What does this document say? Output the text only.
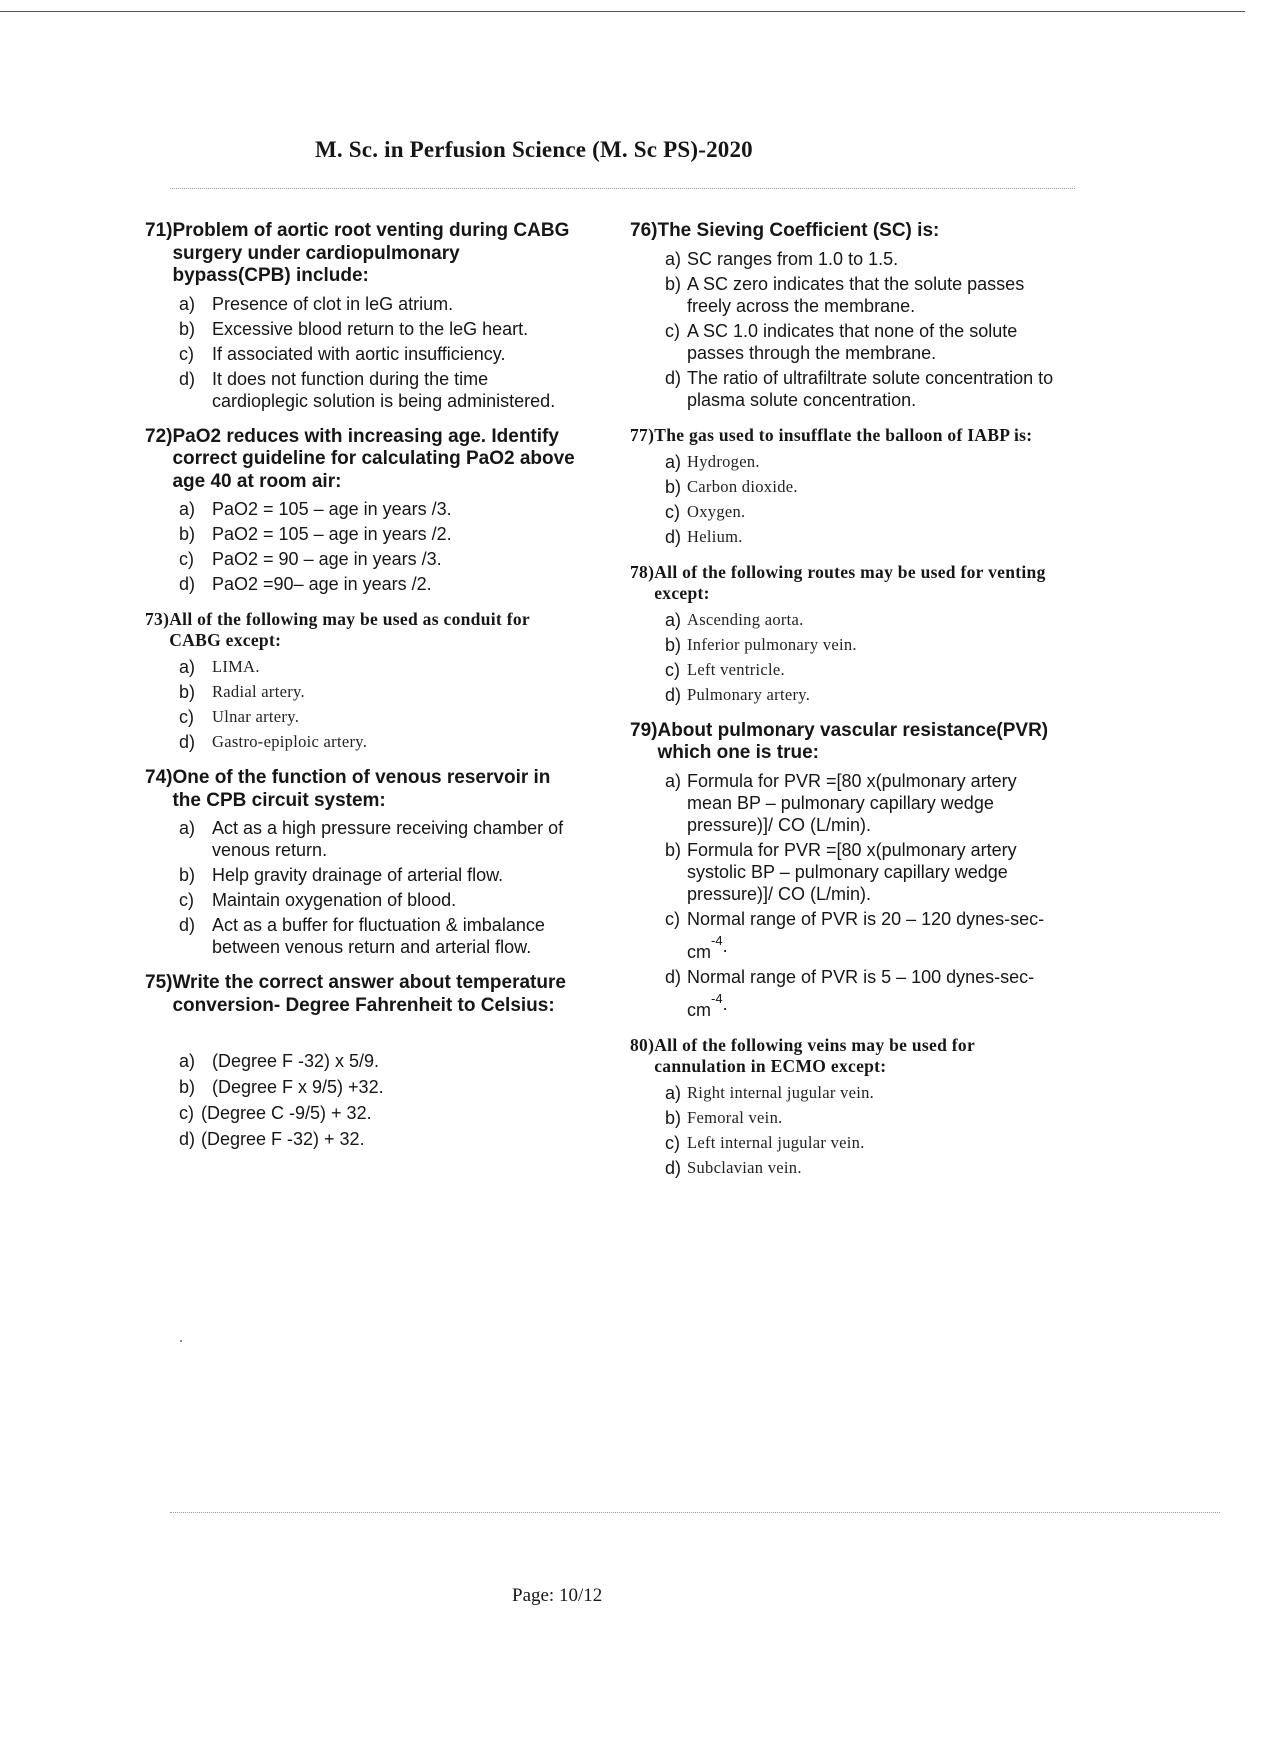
M. Sc. in Perfusion Science (M. Sc PS)-2020
71) Problem of aortic root venting during CABG surgery under cardiopulmonary bypass(CPB) include:
a) Presence of clot in leG atrium.
b) Excessive blood return to the leG heart.
c)	If associated with aortic insufficiency.
d) It does not function during the time cardioplegic solution is being administered.
72) PaO2 reduces with increasing age. Identify correct guideline for calculating PaO2 above age 40 at room air:
a) PaO2 = 105 – age in years /3.
b) PaO2 = 105 – age in years /2.
c)	PaO2 = 90 – age in years /3.
d) PaO2 =90– age in years /2.
73) All of the following may be used as conduit for CABG except:
a)	LIMA.
b)	Radial artery.
c)	Ulnar artery.
d)	Gastro-epiploic artery.
74) One of the function of venous reservoir in the CPB circuit system:
a) Act as a high pressure receiving chamber of venous return.
b) Help gravity drainage of arterial flow.
c)	Maintain oxygenation of blood.
d) Act as a buffer for fluctuation & imbalance between venous return and arterial flow.
75) Write the correct answer about temperature conversion- Degree Fahrenheit to Celsius:
a) (Degree F -32) x 5/9.
b) (Degree F x 9/5) +32.
c) (Degree C -9/5) + 32.
d) (Degree F -32) + 32.
76) The Sieving Coefficient (SC) is:
a) SC ranges from 1.0 to 1.5.
b) A SC zero indicates that the solute passes freely across the membrane.
c) A SC 1.0 indicates that none of the solute passes through the membrane.
d) The ratio of ultrafiltrate solute concentration to plasma solute concentration.
77) The gas used to insufflate the balloon of IABP is:
a) Hydrogen.
b) Carbon dioxide.
c) Oxygen.
d) Helium.
78) All of the following routes may be used for venting except:
a) Ascending aorta.
b) Inferior pulmonary vein.
c) Left ventricle.
d) Pulmonary artery.
79) About pulmonary vascular resistance(PVR) which one is true:
a) Formula for PVR =[80 x(pulmonary artery mean BP – pulmonary capillary wedge pressure)]/ CO (L/min).
b) Formula for PVR =[80 x(pulmonary artery systolic BP – pulmonary capillary wedge pressure)]/ CO (L/min).
c) Normal range of PVR is 20 – 120 dynes-sec- $cm^{-4}$.
d) Normal range of PVR is 5 – 100 dynes-sec- $cm^{-4}$.
80) All of the following veins may be used for cannulation in ECMO except:
a) Right internal jugular vein.
b) Femoral vein.
c) Left internal jugular vein.
d) Subclavian vein.
Page: 10/12
